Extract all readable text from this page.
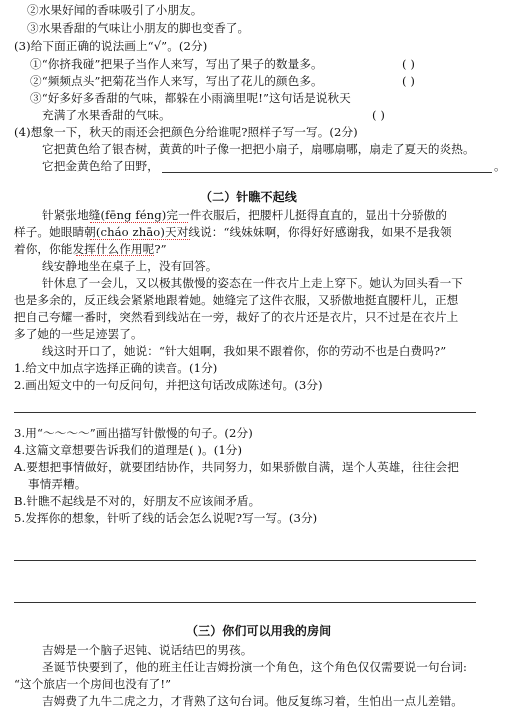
②水果好闻的香味吸引了小朋友。
③水果香甜的气味让小朋友的脚也变香了。
(3)给下面正确的说法画上“√”。(2分)
①“你挤我碰”把果子当作人来写，写出了果子的数量多。	( )
②“频频点头”把菊花当作人来写，写出了花儿的颜色多。	( )
③“好多好多香甜的气味，都躲在小雨滴里呢!”这句话是说秋天
充满了水果香甜的气味。	( )
(4)想象一下，秋天的雨还会把颜色分给谁呢?照样子写一写。(2分)
它把黄色给了银杏树，黄黄的叶子像一把把小扇子，扇哪扇哪，扇走了夏天的炎热。
它把金黄色给了田野，	。
（二）针瞧不起线
针紧张地缝(fēng féng)完一件衣服后，把腰杆儿挺得直直的，显出十分骄傲的
样子。她眼睛朝(cháo zhāo)天对线说：“线妹妹啊，你得好好感谢我，如果不是我领
着你，你能发挥什么作用呢?”
线安静地坐在桌子上，没有回答。
针休息了一会儿，又以极其傲慢的姿态在一件衣片上走上穿下。她认为回头看一下
也是多余的，反正线会紧紧地跟着她。她缝完了这件衣服，又骄傲地挺直腰杆儿，正想
把自己夸耀一番时，突然看到线站在一旁，裁好了的衣片还是衣片，只不过是在衣片上
多了她的一些足迹罢了。
线这时开口了，她说：“针大姐啊，我如果不跟着你，你的劳动不也是白费吗?”
1.给文中加点字选择正确的读音。(1分)
2.画出短文中的一句反问句，并把这句话改成陈述句。(3分)
3.用“～～～～”画出描写针傲慢的句子。(2分)
4.这篇文章想要告诉我们的道理是( )。(1分)
A.要想把事情做好，就要团结协作，共同努力，如果骄傲自满，逞个人英雄，往往会把
事情弄糟。
B.针瞧不起线是不对的，好朋友不应该闹矛盾。
5.发挥你的想象，针听了线的话会怎么说呢?写一写。(3分)
（三）你们可以用我的房间
吉姆是一个脑子迟钝、说话结巴的男孩。
圣诞节快要到了，他的班主任让吉姆扮演一个角色，这个角色仅仅需要说一句台词:
“这个旅店一个房间也没有了!”
吉姆费了九牛二虎之力，才背熟了这句台词。他反复练习着，生怕出一点儿差错。
